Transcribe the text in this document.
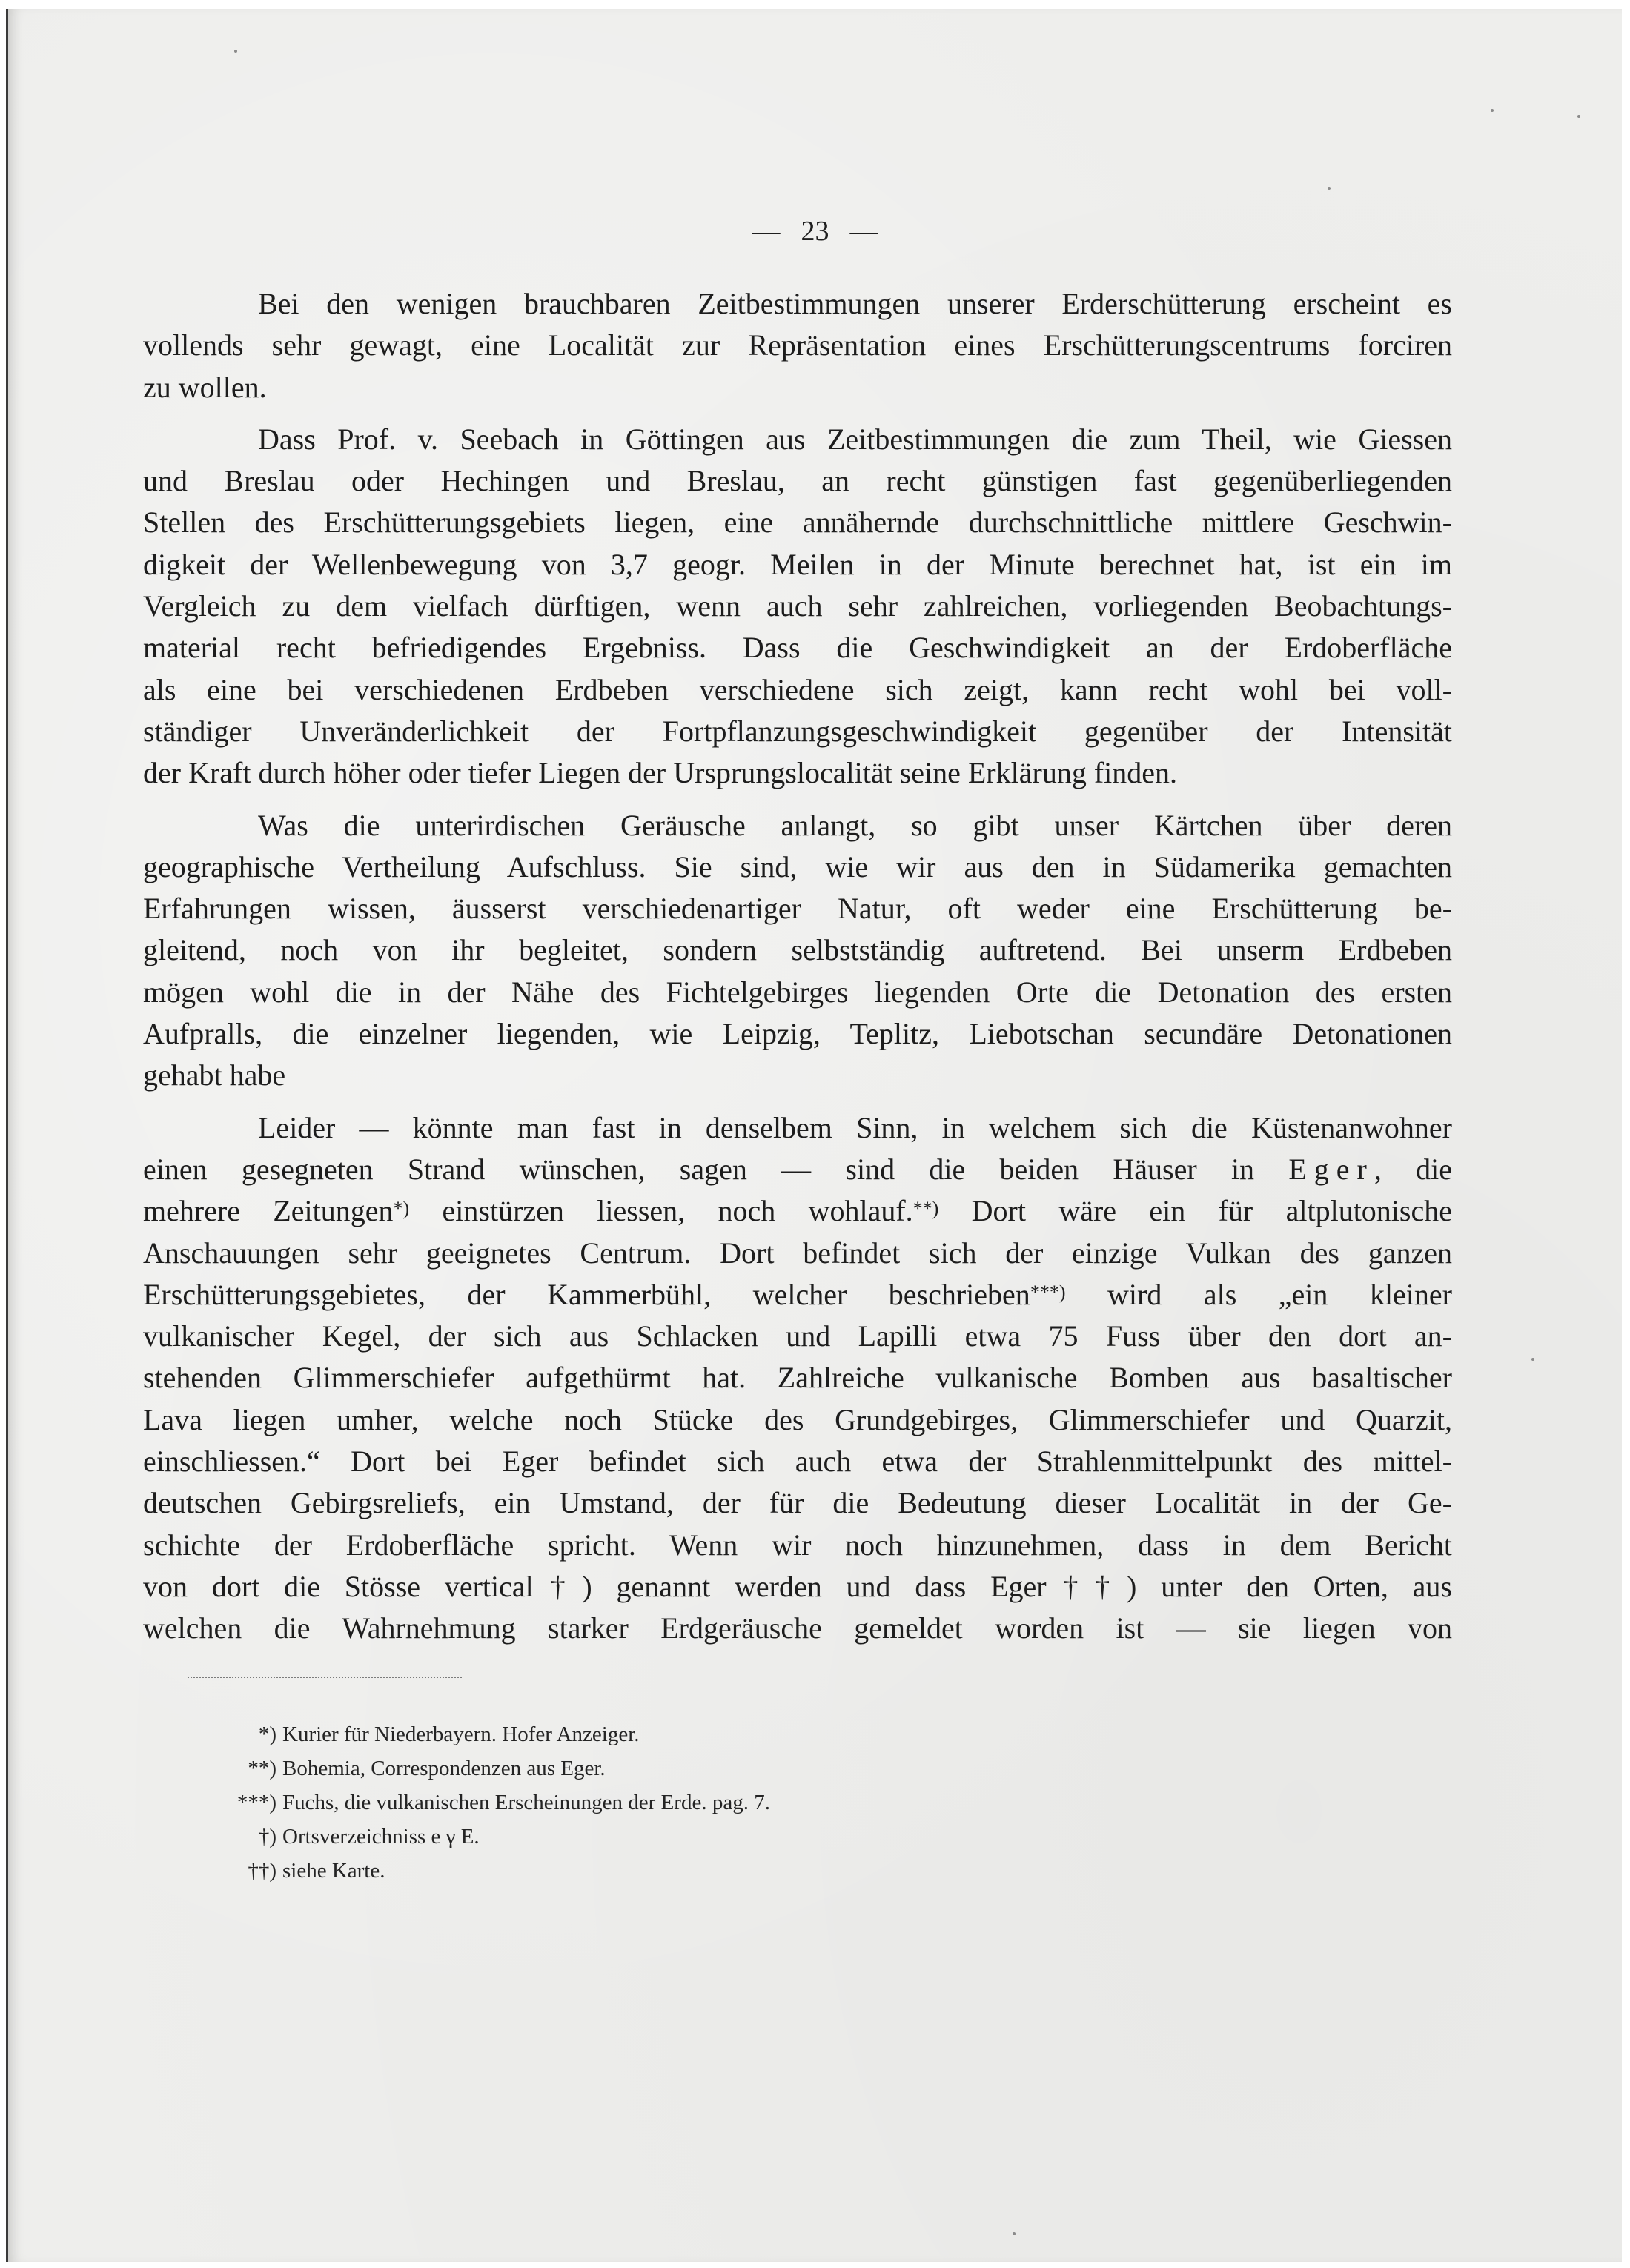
— 23 —

Bei den wenigen brauchbaren Zeitbestimmungen unserer Erderschütterung erscheint es
vollends sehr gewagt, eine Localität zur Repräsentation eines Erschütterungscentrums forciren
zu wollen.

Dass Prof. v. Seebach in Göttingen aus Zeitbestimmungen die zum Theil, wie Giessen
und Breslau oder Hechingen und Breslau, an recht günstigen fast gegenüberliegenden
Stellen des Erschütterungsgebiets liegen, eine annähernde durchschnittliche mittlere Geschwin-
digkeit der Wellenbewegung von 3,7 geogr. Meilen in der Minute berechnet hat, ist ein im
Vergleich zu dem vielfach dürftigen, wenn auch sehr zahlreichen, vorliegenden Beobachtungs-
material recht befriedigendes Ergebniss. Dass die Geschwindigkeit an der Erdoberfläche
als eine bei verschiedenen Erdbeben verschiedene sich zeigt, kann recht wohl bei voll-
ständiger Unveränderlichkeit der Fortpflanzungsgeschwindigkeit gegenüber der Intensität
der Kraft durch höher oder tiefer Liegen der Ursprungslocalität seine Erklärung finden.

Was die unterirdischen Geräusche anlangt, so gibt unser Kärtchen über deren
geographische Vertheilung Aufschluss. Sie sind, wie wir aus den in Südamerika gemachten
Erfahrungen wissen, äusserst verschiedenartiger Natur, oft weder eine Erschütterung be-
gleitend, noch von ihr begleitet, sondern selbstständig auftretend. Bei unserm Erdbeben
mögen wohl die in der Nähe des Fichtelgebirges liegenden Orte die Detonation des ersten
Aufpralls, die einzelner liegenden, wie Leipzig, Teplitz, Liebotschan secundäre Detonationen
gehabt habe

Leider — könnte man fast in denselbem Sinn, in welchem sich die Küstenanwohner
einen gesegneten Strand wünschen, sagen — sind die beiden Häuser in Eger, die
mehrere Zeitungen*) einstürzen liessen, noch wohlauf.**) Dort wäre ein für altplutonische
Anschauungen sehr geeignetes Centrum. Dort befindet sich der einzige Vulkan des ganzen
Erschütterungsgebietes, der Kammerbühl, welcher beschrieben***) wird als „ein kleiner
vulkanischer Kegel, der sich aus Schlacken und Lapilli etwa 75 Fuss über den dort an-
stehenden Glimmerschiefer aufgethürmt hat. Zahlreiche vulkanische Bomben aus basaltischer
Lava liegen umher, welche noch Stücke des Grundgebirges, Glimmerschiefer und Quarzit,
einschliessen.“ Dort bei Eger befindet sich auch etwa der Strahlenmittelpunkt des mittel-
deutschen Gebirgsreliefs, ein Umstand, der für die Bedeutung dieser Localität in der Ge-
schichte der Erdoberfläche spricht. Wenn wir noch hinzunehmen, dass in dem Bericht
von dort die Stösse vertical†) genannt werden und dass Eger††) unter den Orten, aus
welchen die Wahrnehmung starker Erdgeräusche gemeldet worden ist — sie liegen von

*) Kurier für Niederbayern. Hofer Anzeiger.
**) Bohemia, Correspondenzen aus Eger.
***) Fuchs, die vulkanischen Erscheinungen der Erde. pag. 7.
†) Ortsverzeichniss e γ E.
††) siehe Karte.
